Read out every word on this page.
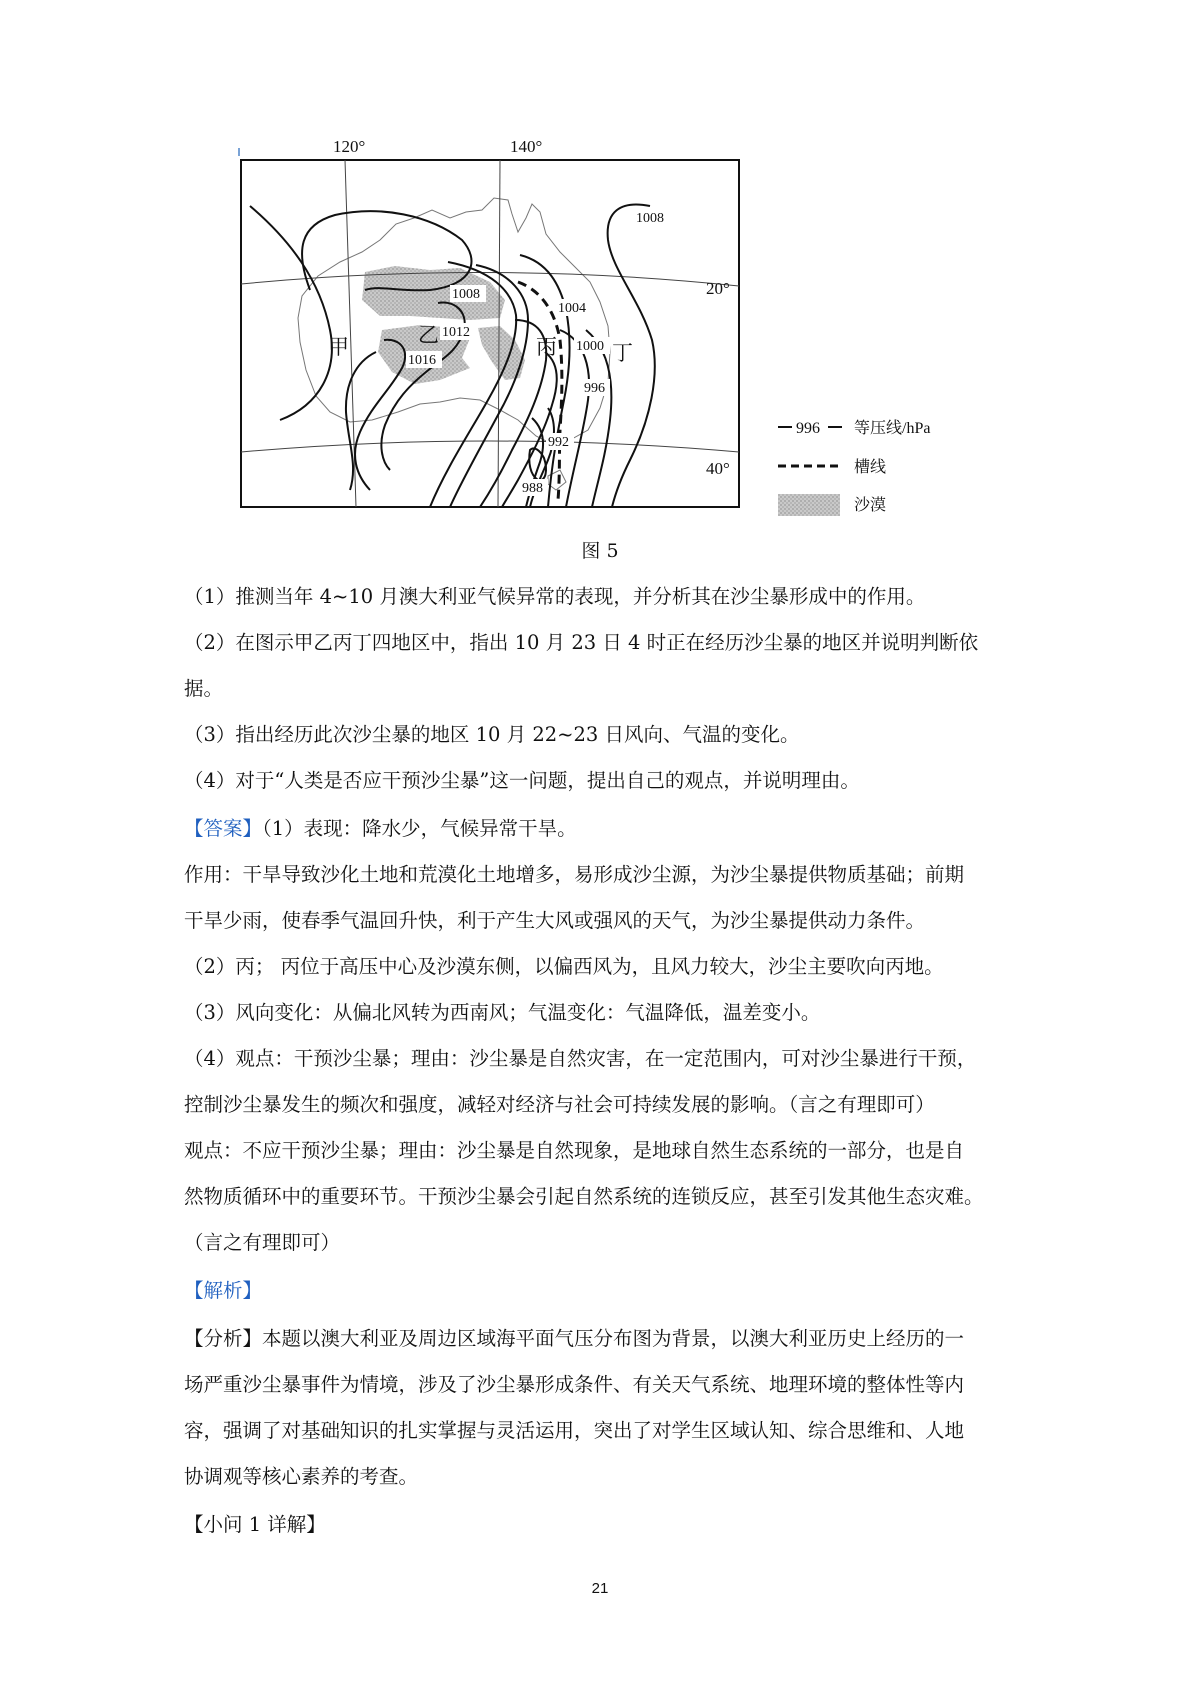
1008
1008
1012
1016
1004
1000
996
992
988
甲	乙	丙	丁
120°	140°
20°
40°
996 等压线/hPa
槽线
沙漠
图 5
（1）推测当年 4~10 月澳大利亚气候异常的表现，并分析其在沙尘暴形成中的作用。
（2）在图示甲乙丙丁四地区中，指出 10 月 23 日 4 时正在经历沙尘暴的地区并说明判断依
据。
（3）指出经历此次沙尘暴的地区 10 月 22~23 日风向、气温的变化。
（4）对于“人类是否应干预沙尘暴”这一问题，提出自己的观点，并说明理由。
【答案】（1）表现：降水少，气候异常干旱。
作用：干旱导致沙化土地和荒漠化土地增多，易形成沙尘源，为沙尘暴提供物质基础；前期
干旱少雨，使春季气温回升快，利于产生大风或强风的天气，为沙尘暴提供动力条件。
（2）丙； 丙位于高压中心及沙漠东侧，以偏西风为，且风力较大，沙尘主要吹向丙地。
（3）风向变化：从偏北风转为西南风；气温变化：气温降低，温差变小。
（4）观点：干预沙尘暴；理由：沙尘暴是自然灾害，在一定范围内，可对沙尘暴进行干预，
控制沙尘暴发生的频次和强度，减轻对经济与社会可持续发展的影响。（言之有理即可）
观点：不应干预沙尘暴；理由：沙尘暴是自然现象，是地球自然生态系统的一部分，也是自
然物质循环中的重要环节。干预沙尘暴会引起自然系统的连锁反应，甚至引发其他生态灾难。
（言之有理即可）
【解析】
【分析】本题以澳大利亚及周边区域海平面气压分布图为背景，以澳大利亚历史上经历的一
场严重沙尘暴事件为情境，涉及了沙尘暴形成条件、有关天气系统、地理环境的整体性等内
容，强调了对基础知识的扎实掌握与灵活运用，突出了对学生区域认知、综合思维和、人地
协调观等核心素养的考查。
【小问 1 详解】
21
